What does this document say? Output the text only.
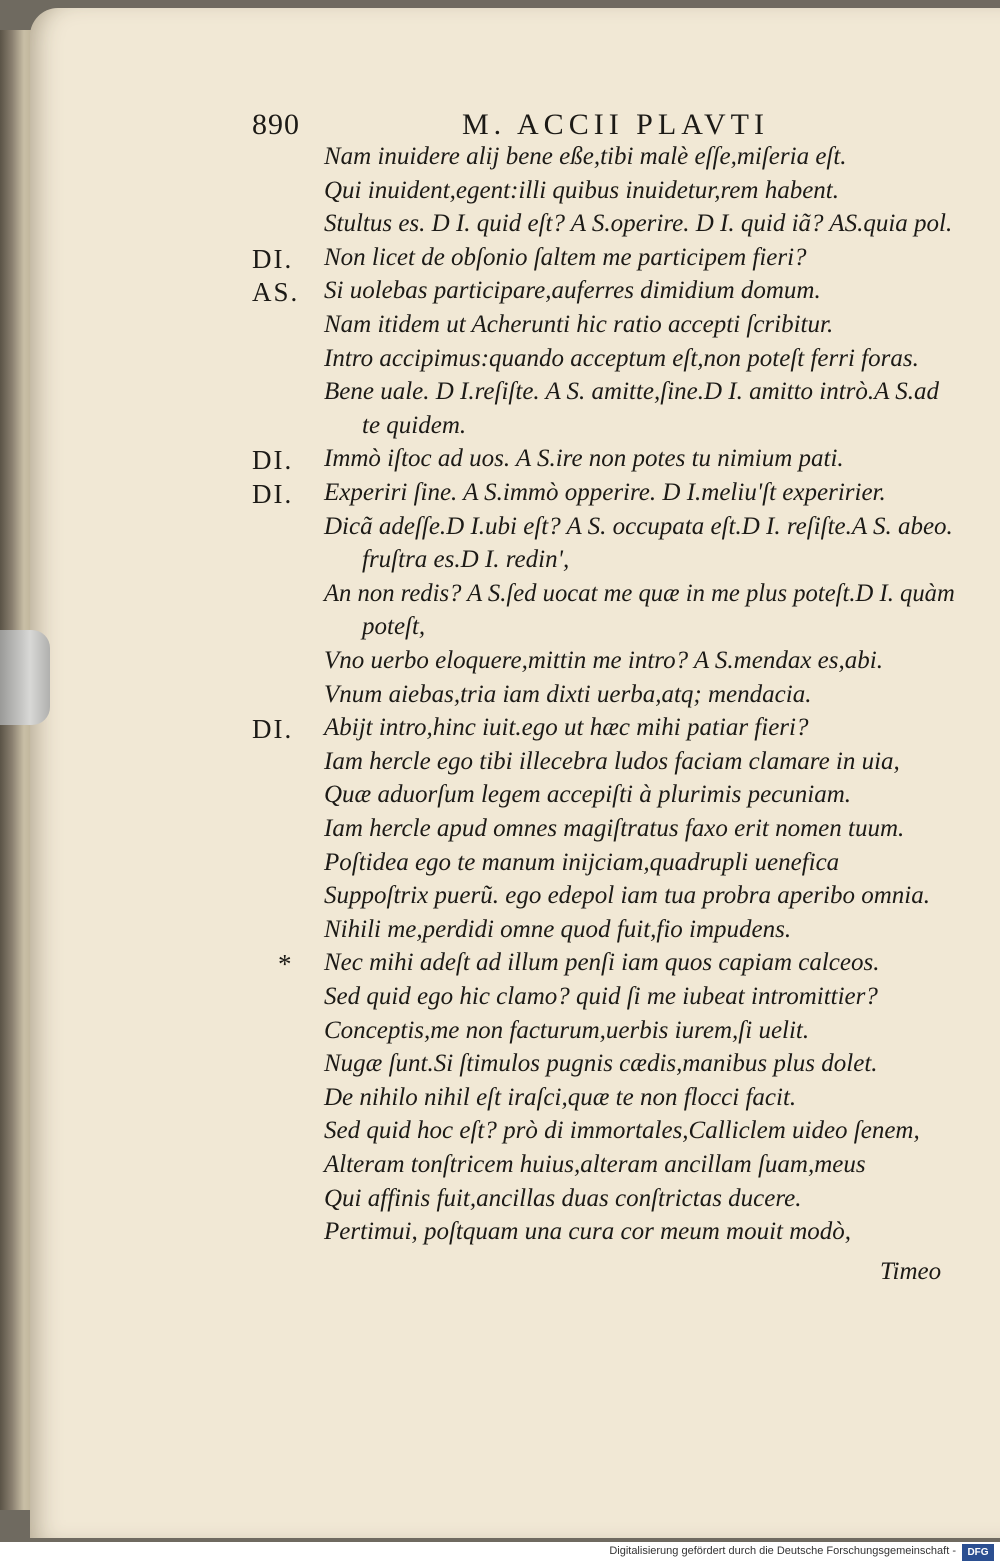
890	M. ACCII PLAVTI
Nam inuidere alij bene eße,tibi malè eſſe,miſeria eſt.
Qui inuident,egent:illi quibus inuidetur,rem habent.
Stultus es. D I. quid eſt? A S.operire. D I. quid iã? AS.quia pol.
DI. Non licet de obſonio ſaltem me participem fieri?
AS. Si uolebas participare,auferres dimidium domum.
Nam itidem ut Acherunti hic ratio accepti ſcribitur.
Intro accipimus:quando acceptum eſt,non poteſt ferri foras.
Bene uale. D I.reſiſte. A S. amitte,ſine.D I. amitto intrò.A S.ad
te quidem.
DI. Immò iſtoc ad uos. A S.ire non potes tu nimium pati.
DI. Experiri ſine. A S.immò opperire. D I.meliu'ſt experirier.
Dicã adeſſe.D I.ubi eſt? A S. occupata eſt.D I. reſiſte.A S. abeo.
fruſtra es.D I. redin',
An non redis? A S.ſed uocat me quæ in me plus poteſt.D I. quàm
poteſt,
Vno uerbo eloquere,mittin me intro? A S.mendax es,abi.
Vnum aiebas,tria iam dixti uerba,atq; mendacia.
DI. Abijt intro,hinc iuit.ego ut hæc mihi patiar fieri?
Iam hercle ego tibi illecebra ludos faciam clamare in uia,
Quæ aduorſum legem accepiſti à plurimis pecuniam.
Iam hercle apud omnes magiſtratus faxo erit nomen tuum.
Poſtidea ego te manum inijciam,quadrupli uenefica
Suppoſtrix puerũ. ego edepol iam tua probra aperibo omnia.
Nihili me,perdidi omne quod fuit,fio impudens.
* Nec mihi adeſt ad illum penſi iam quos capiam calceos.
Sed quid ego hic clamo? quid ſi me iubeat intromittier?
Conceptis,me non facturum,uerbis iurem,ſi uelit.
Nugæ ſunt.Si ſtimulos pugnis cædis,manibus plus dolet.
De nihilo nihil eſt iraſci,quæ te non flocci facit.
Sed quid hoc eſt? prò di immortales,Calliclem uideo ſenem,
Alteram tonſtricem huius,alteram ancillam ſuam,meus
Qui affinis fuit,ancillas duas conſtrictas ducere.
Pertimui, poſtquam una cura cor meum mouit modò,
Timeo
Digitalisierung gefördert durch die Deutsche Forschungsgemeinschaft -	DFG
